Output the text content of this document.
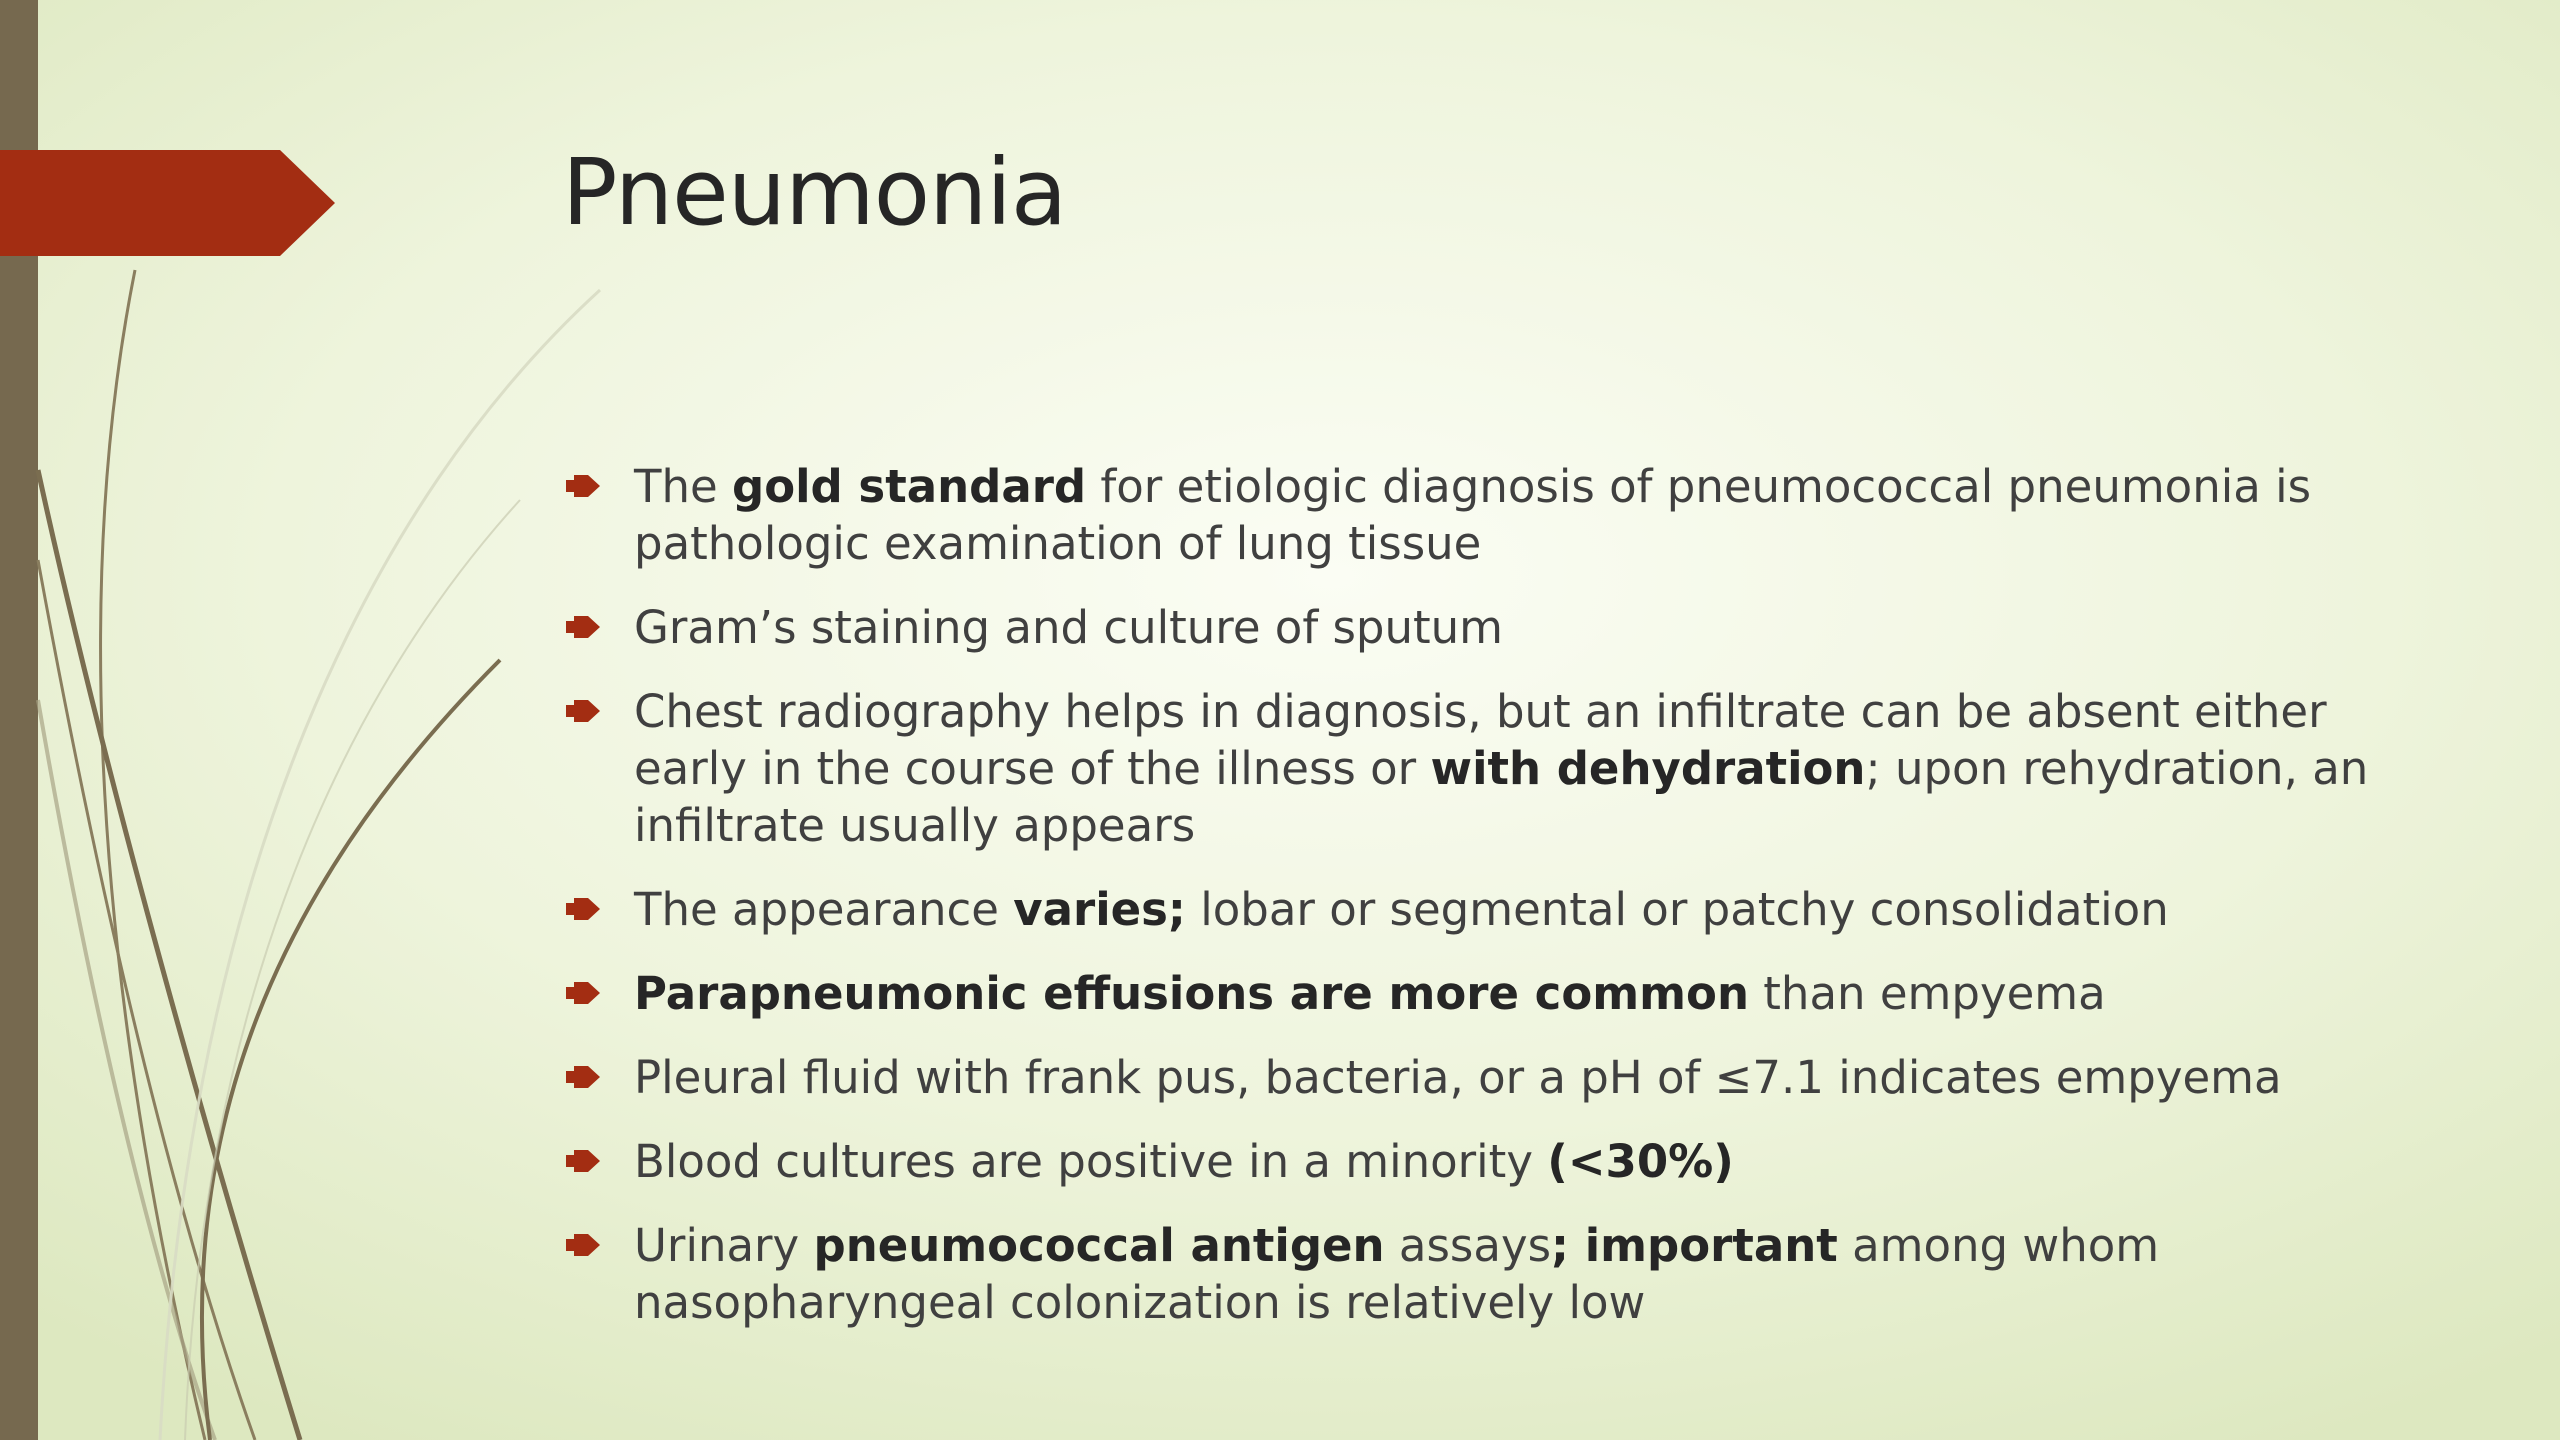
Pneumonia
The gold standard for etiologic diagnosis of pneumococcal pneumonia is pathologic examination of lung tissue
Gram’s staining and culture of sputum
Chest radiography helps in diagnosis, but an infiltrate can be absent either early in the course of the illness or with dehydration; upon rehydration, an infiltrate usually appears
The appearance varies; lobar or segmental or patchy consolidation
Parapneumonic effusions are more common than empyema
Pleural fluid with frank pus, bacteria, or a pH of ≤7.1 indicates empyema
Blood cultures are positive in a minority (<30%)
Urinary pneumococcal antigen assays; important among whom nasopharyngeal colonization is relatively low
